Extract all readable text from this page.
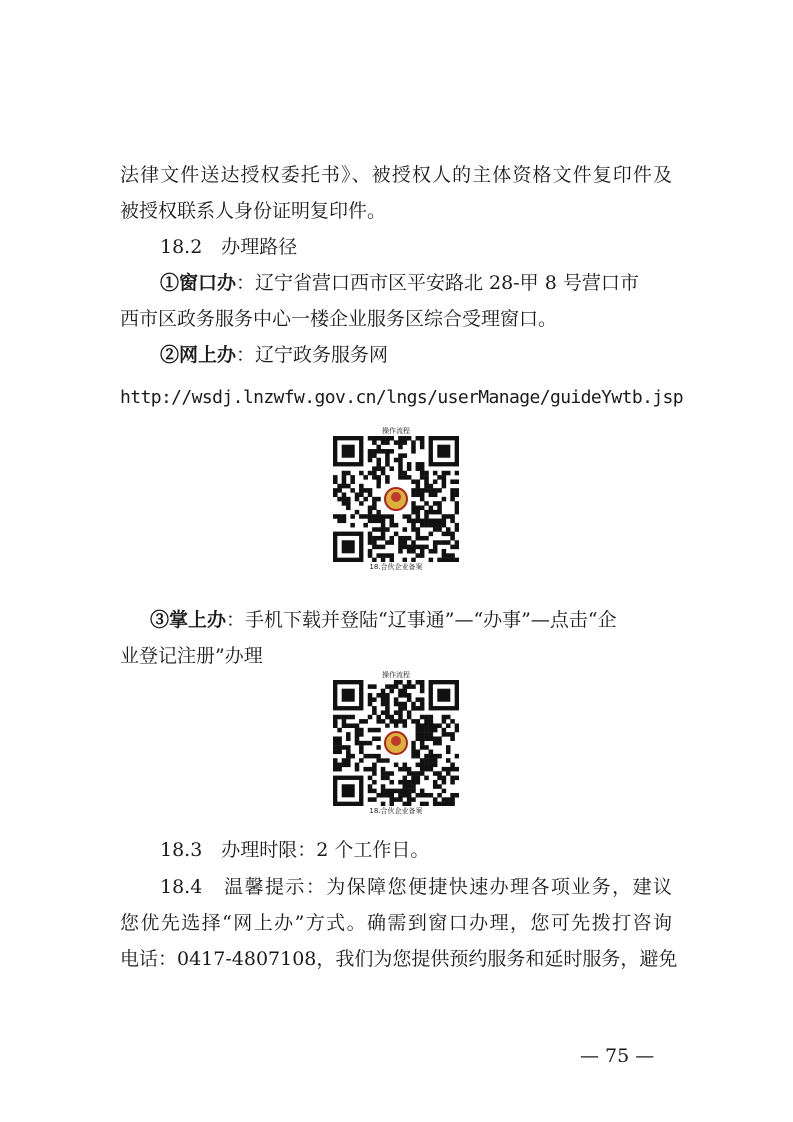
法律文件送达授权委托书》、被授权人的主体资格文件复印件及
被授权联系人身份证明复印件。
18.2　办理路径
①窗口办：辽宁省营口西市区平安路北 28-甲 8 号营口市
西市区政务服务中心一楼企业服务区综合受理窗口。
②网上办：辽宁政务服务网
http://wsdj.lnzwfw.gov.cn/lngs/userManage/guideYwtb.jsp
操作流程
18.合伙企业备案
③掌上办：手机下载并登陆“辽事通”—“办事”—点击“企
业登记注册”办理
操作流程
18.合伙企业备案
18.3　办理时限：2 个工作日。
18.4　温馨提示：为保障您便捷快速办理各项业务，建议
您优先选择“网上办”方式。确需到窗口办理，您可先拨打咨询
电话：0417-4807108，我们为您提供预约服务和延时服务，避免
— 75 —
